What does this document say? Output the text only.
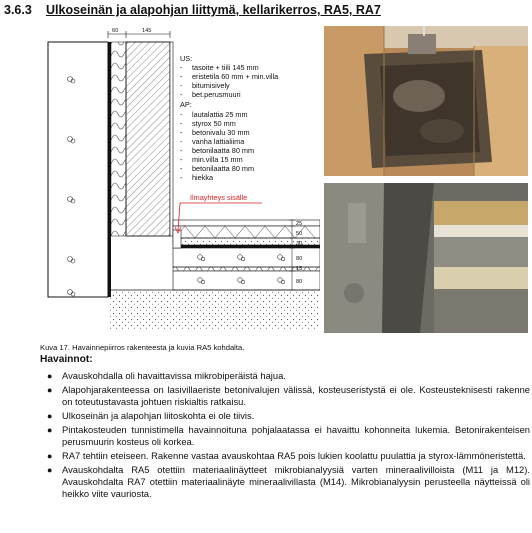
3.6.3 Ulkoseinän ja alapohjan liittymä, kellarikerros, RA5, RA7
60	145
25
50
30
80
15
80
US:
- tasoite + tiili 145 mm
- eristetila 60 mm + min.villa
- bitumisively
- bet.perusmuuri
AP:
- lautalattia 25 mm
- styrox 50 mm
- betonivalu 30 mm
- vanha lattialiima
- betonilaatta 80 mm
- min.villa 15 mm
- betonilaatta 80 mm
- hiekka
Ilmayhteys sisälle
Kuva 17. Havainnepiirros rakenteesta ja kuvia RA5 kohdalta.
Havainnot:
● Avauskohdalla oli havaittavissa mikrobiperäistä hajua.
● Alapohjarakenteessa on lasivillaeriste betonivalujen välissä, kosteuseristystä ei ole. Kosteusteknisesti rakenne on toteutustavasta johtuen riskialtis ratkaisu.
● Ulkoseinän ja alapohjan liitoskohta ei ole tiivis.
● Pintakosteuden tunnistimella havainnoituna pohjalaatassa ei havaittu kohonneita lukemia. Betonirakenteisen perusmuurin kosteus oli korkea.
● RA7 tehtiin eteiseen. Rakenne vastaa avauskohtaa RA5 pois lukien koolattu puulattia ja styrox-lämmöneristettä.
● Avauskohdalta RA5 otettiin materiaalinäytteet mikrobianalyysiä varten mineraalivilloista (M11 ja M12). Avauskohdalta RA7 otettiin materiaalinäyte mineraalivillasta (M14). Mikrobianalyysin perusteella näytteissä oli heikko viite vauriosta.
